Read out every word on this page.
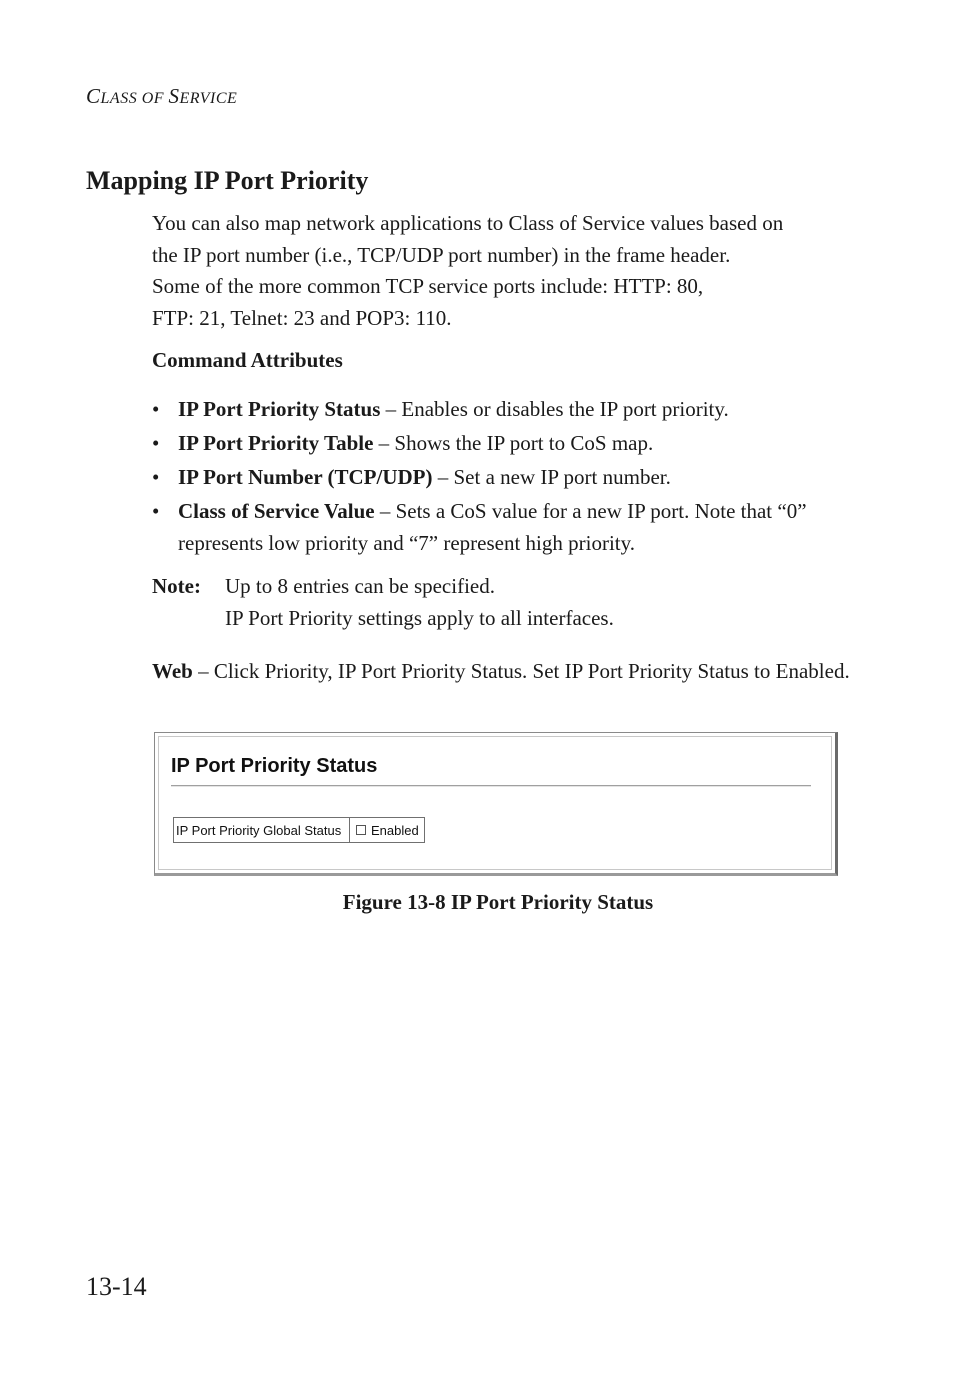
CLASS OF SERVICE
Mapping IP Port Priority

You can also map network applications to Class of Service values based on

the IP port number (i.e., TCP/UDP port number) in the frame header.

Some of the more common TCP service ports include: HTTP: 80,

FTP: 21, Telnet: 23 and POP3: 110.

Command Attributes
• IP Port Priority Status – Enables or disables the IP port priority.
• IP Port Priority Table – Shows the IP port to CoS map.
• IP Port Number (TCP/UDP) – Set a new IP port number.
• Class of Service Value – Sets a CoS value for a new IP port. Note that “0” represents low priority and “7” represent high priority.
Note: Up to 8 entries can be specified.
IP Port Priority settings apply to all interfaces.

Web – Click Priority, IP Port Priority Status. Set IP Port Priority Status to Enabled.

IP Port Priority Status
IP Port Priority Global Status	Enabled
Figure 13-8 IP Port Priority Status
13-14
